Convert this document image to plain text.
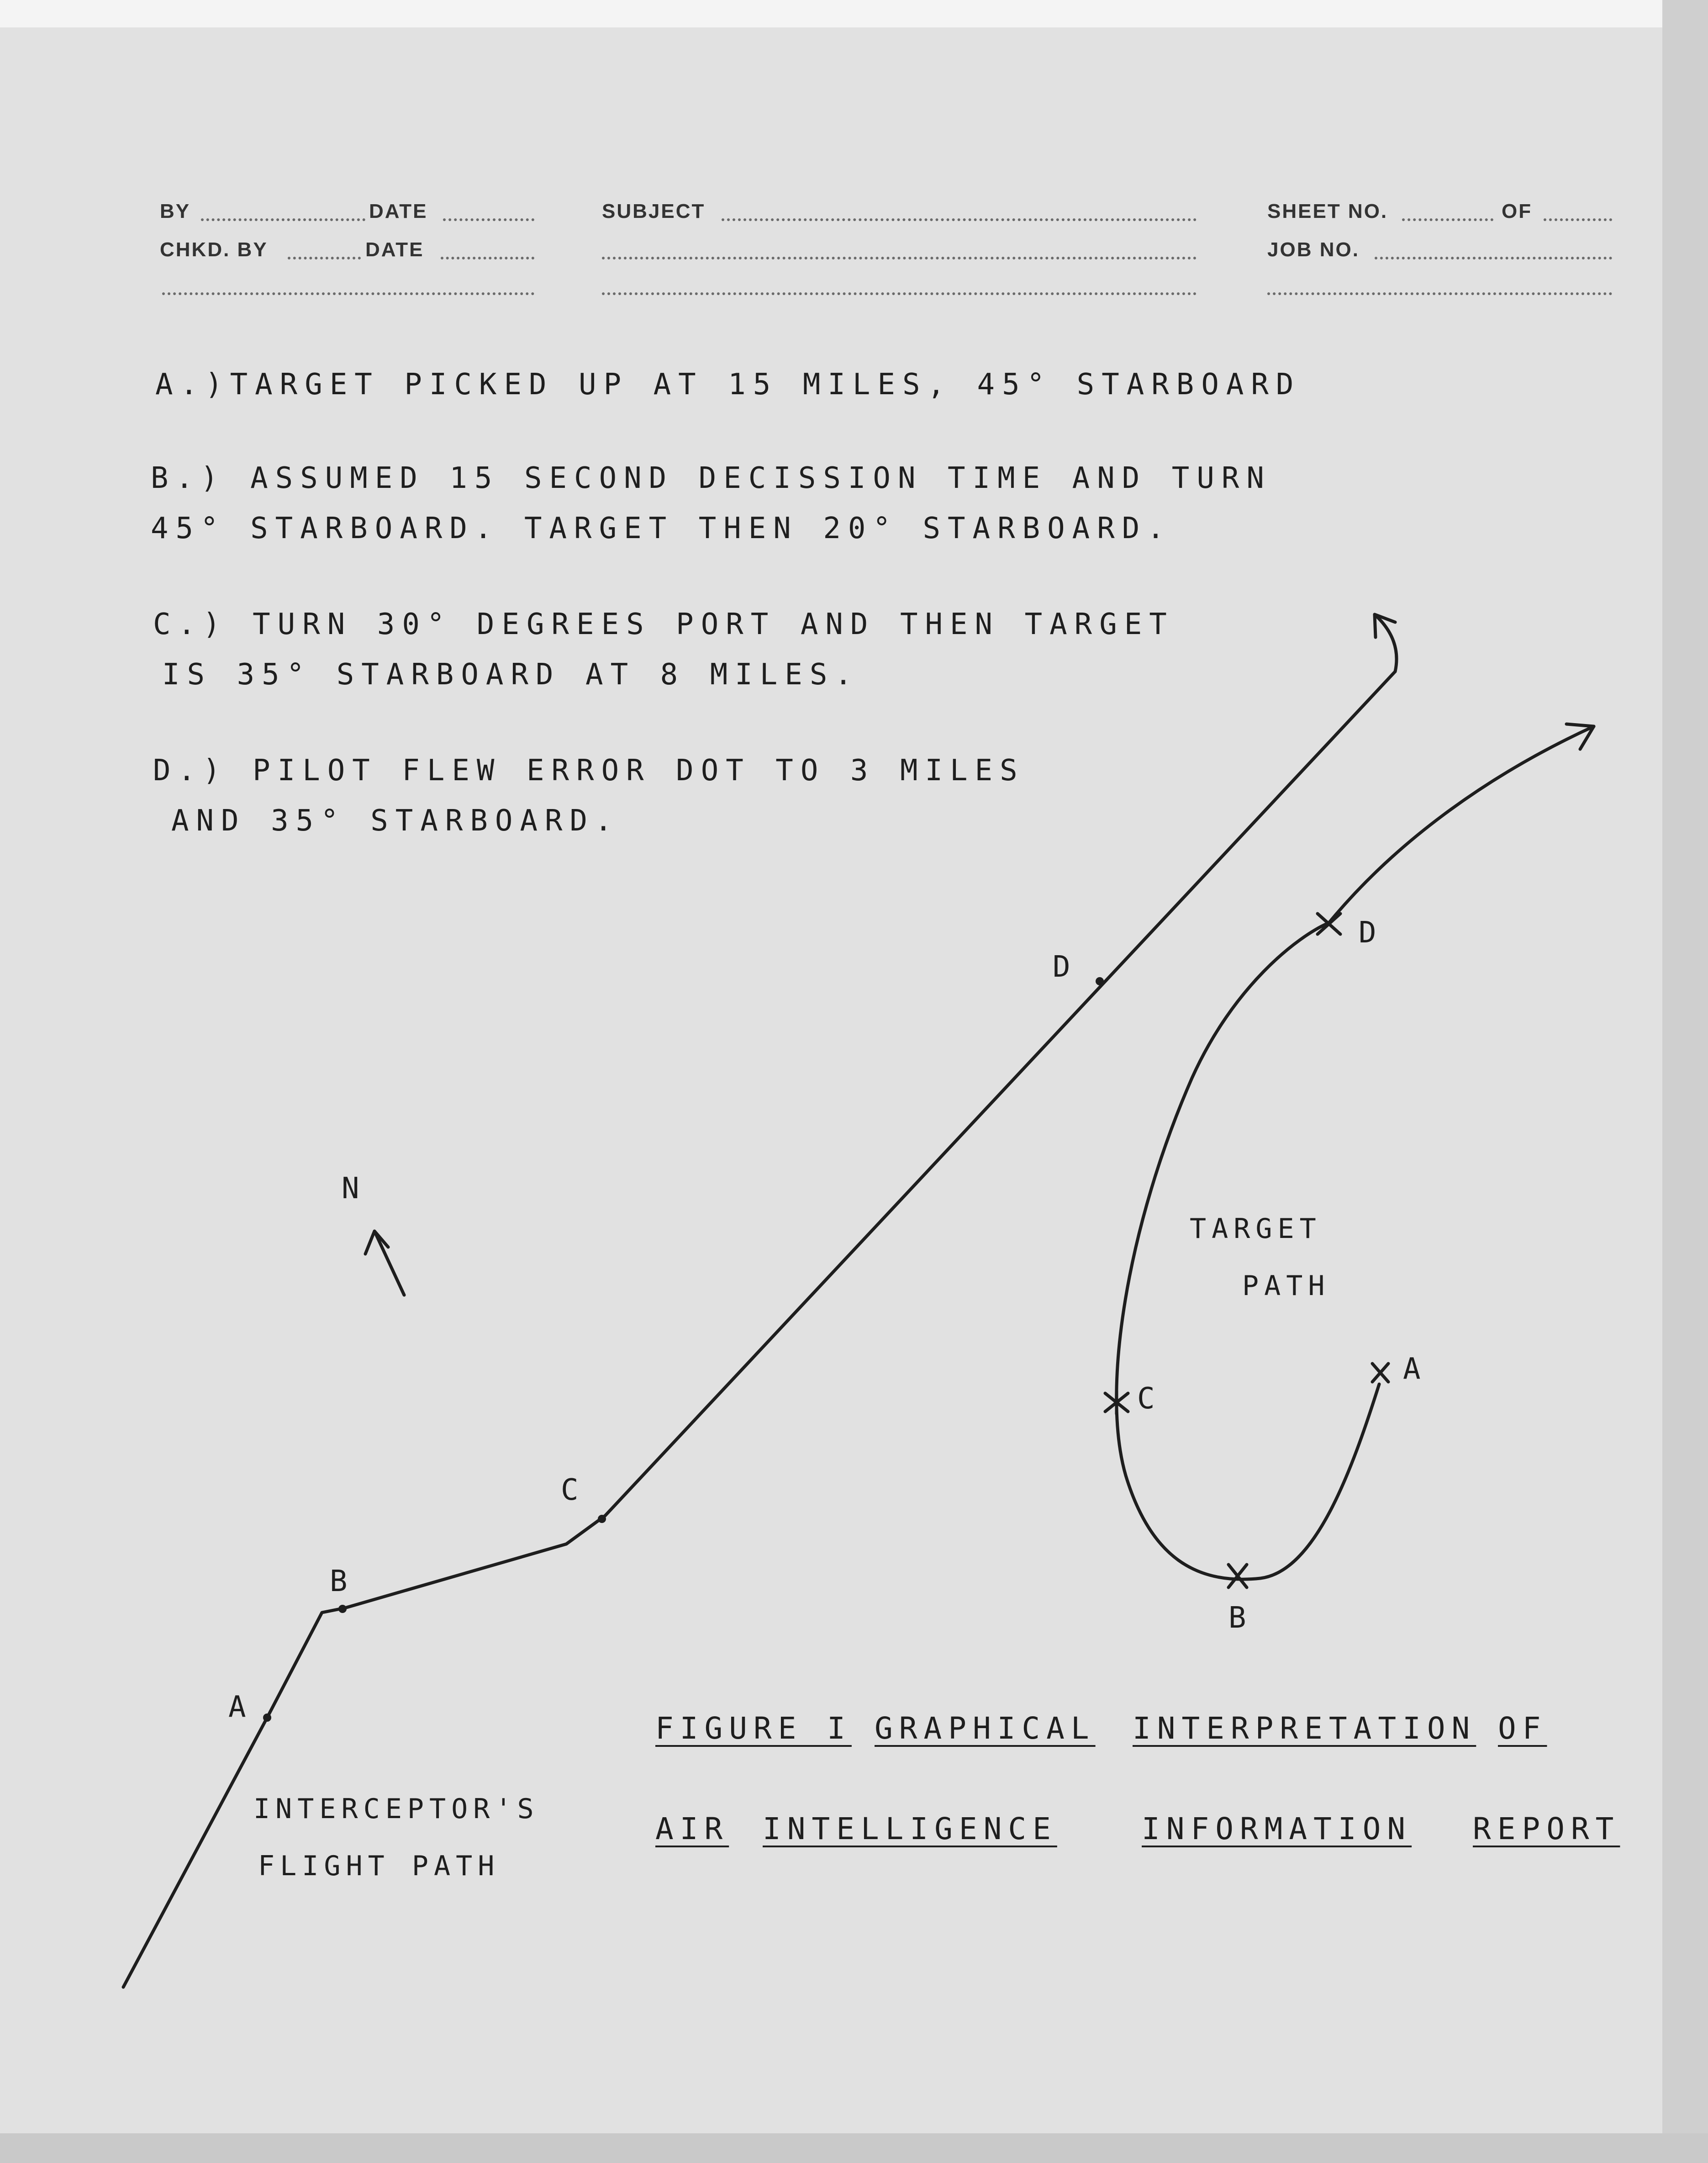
BY	DATE	SUBJECT	SHEET NO.	OF
CHKD. BY	DATE	JOB NO.
A.)TARGET PICKED UP AT 15 MILES, 45° STARBOARD
B.) ASSUMED 15 SECOND DECISSION TIME AND TURN
45° STARBOARD. TARGET THEN 20° STARBOARD.
C.) TURN 30° DEGREES PORT AND THEN TARGET
IS 35° STARBOARD AT 8 MILES.
D.) PILOT FLEW ERROR DOT TO 3 MILES
AND 35° STARBOARD.
N
A
B
C
D
A
B
C
D
TARGET
PATH
INTERCEPTOR'S
FLIGHT PATH
FIGURE I GRAPHICAL INTERPRETATION OF
AIR INTELLIGENCE	INFORMATION REPORT
